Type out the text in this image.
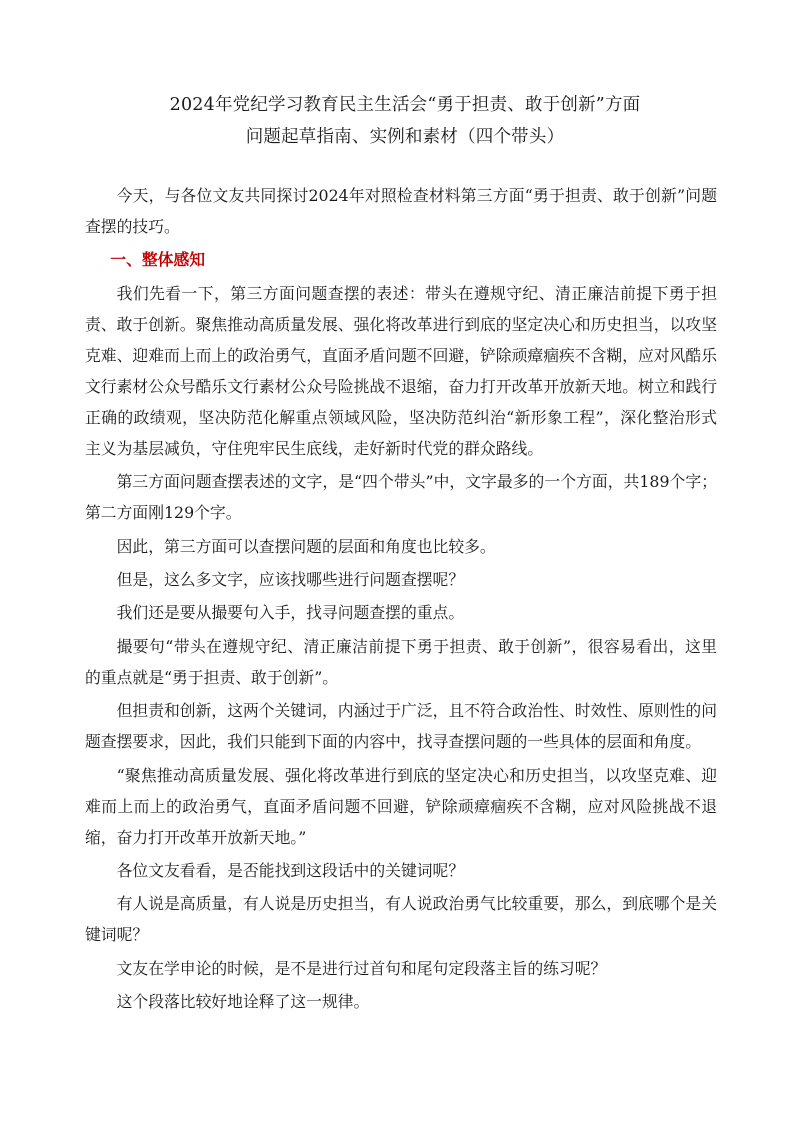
2024年党纪学习教育民主生活会“勇于担责、敢于创新”方面
问题起草指南、实例和素材（四个带头）

今天，与各位文友共同探讨2024年对照检查材料第三方面“勇于担责、敢于创新”问题查摆的技巧。

一、整体感知

我们先看一下，第三方面问题查摆的表述：带头在遵规守纪、清正廉洁前提下勇于担责、敢于创新。聚焦推动高质量发展、强化将改革进行到底的坚定决心和历史担当，以攻坚克难、迎难而上而上的政治勇气，直面矛盾问题不回避，铲除顽瘴痼疾不含糊，应对风酷乐文行素材公众号酷乐文行素材公众号险挑战不退缩，奋力打开改革开放新天地。树立和践行正确的政绩观，坚决防范化解重点领域风险，坚决防范纠治“新形象工程”，深化整治形式主义为基层减负，守住兜牢民生底线，走好新时代党的群众路线。

第三方面问题查摆表述的文字，是“四个带头”中，文字最多的一个方面，共189个字；第二方面刚129个字。

因此，第三方面可以查摆问题的层面和角度也比较多。

但是，这么多文字，应该找哪些进行问题查摆呢？

我们还是要从撮要句入手，找寻问题查摆的重点。

撮要句“带头在遵规守纪、清正廉洁前提下勇于担责、敢于创新”，很容易看出，这里的重点就是“勇于担责、敢于创新”。

但担责和创新，这两个关键词，内涵过于广泛，且不符合政治性、时效性、原则性的问题查摆要求，因此，我们只能到下面的内容中，找寻查摆问题的一些具体的层面和角度。

“聚焦推动高质量发展、强化将改革进行到底的坚定决心和历史担当，以攻坚克难、迎难而上而上的政治勇气，直面矛盾问题不回避，铲除顽瘴痼疾不含糊，应对风险挑战不退缩，奋力打开改革开放新天地。”

各位文友看看，是否能找到这段话中的关键词呢？

有人说是高质量，有人说是历史担当，有人说政治勇气比较重要，那么，到底哪个是关键词呢？

文友在学申论的时候，是不是进行过首句和尾句定段落主旨的练习呢？

这个段落比较好地诠释了这一规律。
